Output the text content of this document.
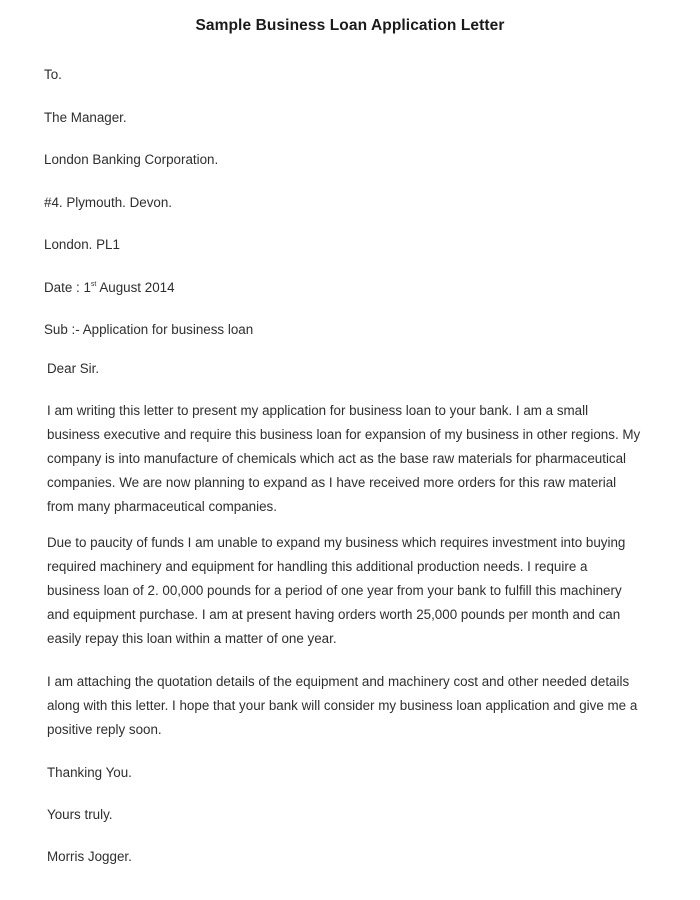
Sample Business Loan Application Letter
To.
The Manager.
London Banking Corporation.
#4. Plymouth. Devon.
London. PL1
Date : 1st August 2014
Sub :- Application for business loan
Dear Sir.
I am writing this letter to present my application for business loan to your bank. I am a small
business executive and require this business loan for expansion of my business in other regions. My
company is into manufacture of chemicals which act as the base raw materials for pharmaceutical
companies. We are now planning to expand as I have received more orders for this raw material
from many pharmaceutical companies.
Due to paucity of funds I am unable to expand my business which requires investment into buying
required machinery and equipment for handling this additional production needs. I require a
business loan of 2. 00,000 pounds for a period of one year from your bank to fulfill this machinery
and equipment purchase. I am at present having orders worth 25,000 pounds per month and can
easily repay this loan within a matter of one year.
I am attaching the quotation details of the equipment and machinery cost and other needed details
along with this letter. I hope that your bank will consider my business loan application and give me a
positive reply soon.
Thanking You.
Yours truly.
Morris Jogger.
